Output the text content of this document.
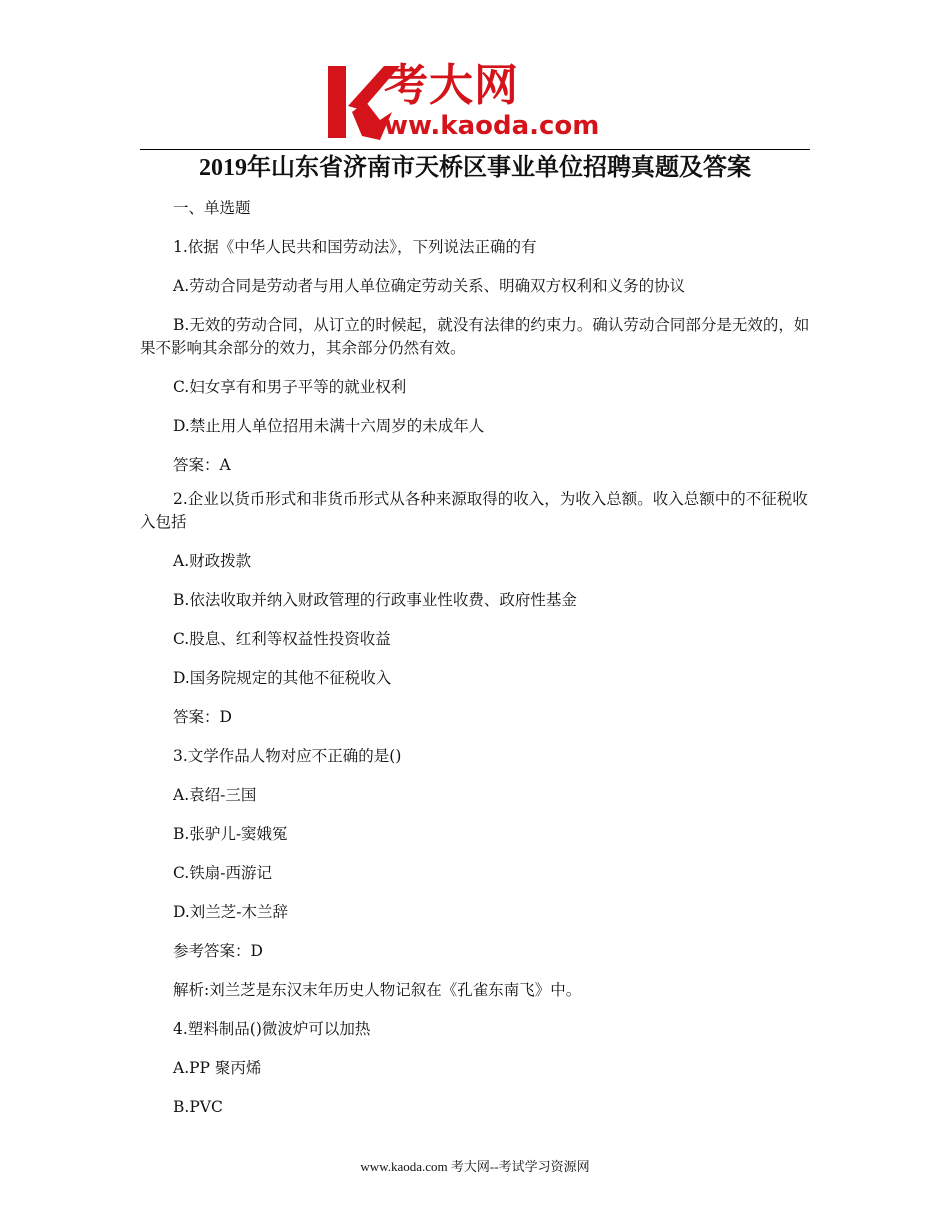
考大网
www.kaoda.com
2019年山东省济南市天桥区事业单位招聘真题及答案

一、单选题

1.依据《中华人民共和国劳动法》，下列说法正确的有

A.劳动合同是劳动者与用人单位确定劳动关系、明确双方权利和义务的协议

B.无效的劳动合同，从订立的时候起，就没有法律的约束力。确认劳动合同部分是无效的，如果不影响其余部分的效力，其余部分仍然有效。

C.妇女享有和男子平等的就业权利

D.禁止用人单位招用未满十六周岁的未成年人

答案：A

2.企业以货币形式和非货币形式从各种来源取得的收入，为收入总额。收入总额中的不征税收入包括

A.财政拨款

B.依法收取并纳入财政管理的行政事业性收费、政府性基金

C.股息、红利等权益性投资收益

D.国务院规定的其他不征税收入

答案：D

3.文学作品人物对应不正确的是()

A.袁绍-三国

B.张驴儿-窦娥冤

C.铁扇-西游记

D.刘兰芝-木兰辞

参考答案：D

解析:刘兰芝是东汉末年历史人物记叙在《孔雀东南飞》中。

4.塑料制品()微波炉可以加热

A.PP 聚丙烯

B.PVC

www.kaoda.com 考大网--考试学习资源网
